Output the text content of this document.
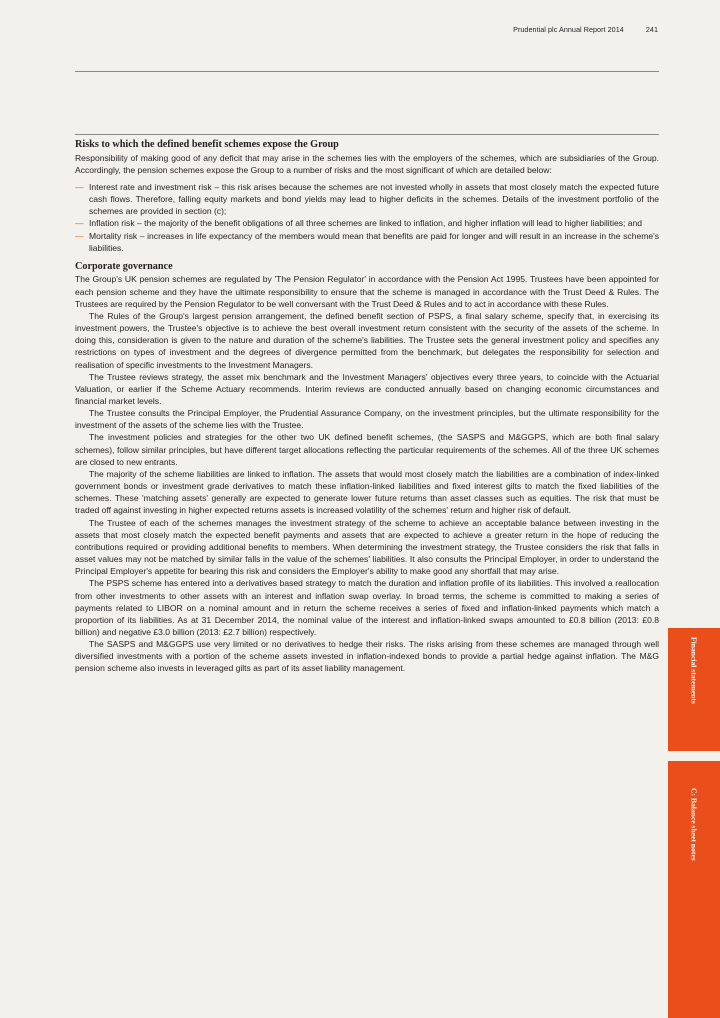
Prudential plc Annual Report 2014	241
Risks to which the defined benefit schemes expose the Group

Responsibility of making good of any deficit that may arise in the schemes lies with the employers of the schemes, which are subsidiaries of the Group. Accordingly, the pension schemes expose the Group to a number of risks and the most significant of which are detailed below:

— Interest rate and investment risk – this risk arises because the schemes are not invested wholly in assets that most closely match the expected future cash flows. Therefore, falling equity markets and bond yields may lead to higher deficits in the schemes. Details of the investment portfolio of the schemes are provided in section (c);
— Inflation risk – the majority of the benefit obligations of all three schemes are linked to inflation, and higher inflation will lead to higher liabilities; and
— Mortality risk – increases in life expectancy of the members would mean that benefits are paid for longer and will result in an increase in the scheme's liabilities.
Corporate governance

The Group's UK pension schemes are regulated by 'The Pension Regulator' in accordance with the Pension Act 1995. Trustees have been appointed for each pension scheme and they have the ultimate responsibility to ensure that the scheme is managed in accordance with the Trust Deed & Rules. The Trustees are required by the Pension Regulator to be well conversant with the Trust Deed & Rules and to act in accordance with these Rules.

The Rules of the Group's largest pension arrangement, the defined benefit section of PSPS, a final salary scheme, specify that, in exercising its investment powers, the Trustee's objective is to achieve the best overall investment return consistent with the security of the assets of the scheme. In doing this, consideration is given to the nature and duration of the scheme's liabilities. The Trustee sets the general investment policy and specifies any restrictions on types of investment and the degrees of divergence permitted from the benchmark, but delegates the responsibility for selection and realisation of specific investments to the Investment Managers.

The Trustee reviews strategy, the asset mix benchmark and the Investment Managers' objectives every three years, to coincide with the Actuarial Valuation, or earlier if the Scheme Actuary recommends. Interim reviews are conducted annually based on changing economic circumstances and financial market levels.

The Trustee consults the Principal Employer, the Prudential Assurance Company, on the investment principles, but the ultimate responsibility for the investment of the assets of the scheme lies with the Trustee.

The investment policies and strategies for the other two UK defined benefit schemes, (the SASPS and M&GGPS, which are both final salary schemes), follow similar principles, but have different target allocations reflecting the particular requirements of the schemes. All of the three UK schemes are closed to new entrants.

The majority of the scheme liabilities are linked to inflation. The assets that would most closely match the liabilities are a combination of index-linked government bonds or investment grade derivatives to match these inflation-linked liabilities and fixed interest gilts to match the fixed liabilities of the schemes. These 'matching assets' generally are expected to generate lower future returns than asset classes such as equities. The risk that must be traded off against investing in higher expected returns assets is increased volatility of the schemes' return and higher risk of default.

The Trustee of each of the schemes manages the investment strategy of the scheme to achieve an acceptable balance between investing in the assets that most closely match the expected benefit payments and assets that are expected to achieve a greater return in the hope of reducing the contributions required or providing additional benefits to members. When determining the investment strategy, the Trustee considers the risk that falls in asset values may not be matched by similar falls in the value of the schemes' liabilities. It also consults the Principal Employer, in order to understand the Principal Employer's appetite for bearing this risk and considers the Employer's ability to make good any shortfall that may arise.

The PSPS scheme has entered into a derivatives based strategy to match the duration and inflation profile of its liabilities. This involved a reallocation from other investments to other assets with an interest and inflation swap overlay. In broad terms, the scheme is committed to making a series of payments related to LIBOR on a nominal amount and in return the scheme receives a series of fixed and inflation-linked payments which match a proportion of its liabilities. As at 31 December 2014, the nominal value of the interest and inflation-linked swaps amounted to £0.8 billion (2013: £0.8 billion) and negative £3.0 billion (2013: £2.7 billion) respectively.

The SASPS and M&GGPS use very limited or no derivatives to hedge their risks. The risks arising from these schemes are managed through well diversified investments with a portion of the scheme assets invested in inflation-indexed bonds to provide a partial hedge against inflation. The M&G pension scheme also invests in leveraged gilts as part of its asset liability management.	Financial statements
C: Balance sheet notes
